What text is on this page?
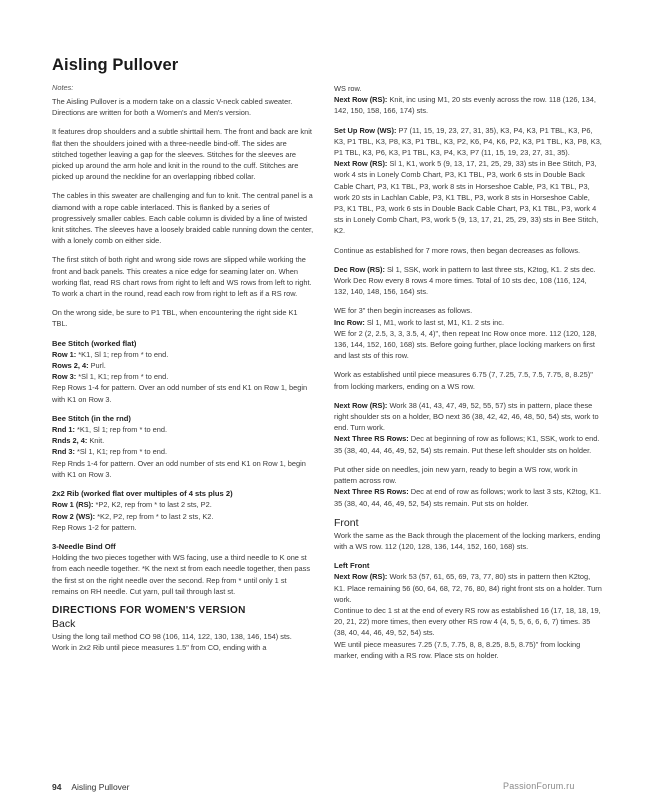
Aisling Pullover

Notes:

The Aisling Pullover is a modern take on a classic V-neck cabled sweater. Directions are written for both a Women's and Men's version.

It features drop shoulders and a subtle shirttail hem. The front and back are knit flat then the shoulders joined with a three-needle bind-off. The sides are stitched together leaving a gap for the sleeves. Stitches for the sleeves are picked up around the arm hole and knit in the round to the cuff. Stitches are picked up around the neckline for an overlapping ribbed collar.

The cables in this sweater are challenging and fun to knit. The central panel is a diamond with a rope cable interlaced. This is flanked by a series of progressively smaller cables. Each cable column is divided by a line of twisted knit stitches. The sleeves have a loosely braided cable running down the center, with a lonely comb on either side.

The first stitch of both right and wrong side rows are slipped while working the front and back panels. This creates a nice edge for seaming later on. When working flat, read RS chart rows from right to left and WS rows from left to right. To work a chart in the round, read each row from right to left as if a RS row.

On the wrong side, be sure to P1 TBL, when encountering the right side K1 TBL.

Bee Stitch (worked flat)

Row 1: *K1, Sl 1; rep from * to end.

Rows 2, 4: Purl.

Row 3: *Sl 1, K1; rep from * to end.

Rep Rows 1-4 for pattern. Over an odd number of sts end K1 on Row 1, begin with K1 on Row 3.

Bee Stitch (in the rnd)

Rnd 1: *K1, Sl 1; rep from * to end.

Rnds 2, 4: Knit.

Rnd 3: *Sl 1, K1; rep from * to end.

Rep Rnds 1-4 for pattern. Over an odd number of sts end K1 on Row 1, begin with K1 on Row 3.

2x2 Rib (worked flat over multiples of 4 sts plus 2)

Row 1 (RS): *P2, K2, rep from * to last 2 sts, P2.

Row 2 (WS): *K2, P2, rep from * to last 2 sts, K2.

Rep Rows 1-2 for pattern.

3-Needle Bind Off

Holding the two pieces together with WS facing, use a third needle to K one st from each needle together. *K the next st from each needle together, then pass the first st on the right needle over the second. Rep from * until only 1 st remains on RH needle. Cut yarn, pull tail through last st.

DIRECTIONS FOR WOMEN'S VERSION

Back

Using the long tail method CO 98 (106, 114, 122, 130, 138, 146, 154) sts.

Work in 2x2 Rib until piece measures 1.5" from CO, ending with a

WS row.

Next Row (RS): Knit, inc using M1, 20 sts evenly across the row. 118 (126, 134, 142, 150, 158, 166, 174) sts.

Set Up Row (WS): P7 (11, 15, 19, 23, 27, 31, 35), K3, P4, K3, P1 TBL, K3, P6, K3, P1 TBL, K3, P8, K3, P1 TBL, K3, P2, K6, P4, K6, P2, K3, P1 TBL, K3, P8, K3, P1 TBL, K3, P6, K3, P1 TBL, K3, P4, K3, P7 (11, 15, 19, 23, 27, 31, 35).

Next Row (RS): Sl 1, K1, work 5 (9, 13, 17, 21, 25, 29, 33) sts in Bee Stitch, P3, work 4 sts in Lonely Comb Chart, P3, K1 TBL, P3, work 6 sts in Double Back Cable Chart, P3, K1 TBL, P3, work 8 sts in Horseshoe Cable, P3, K1 TBL, P3, work 20 sts in Lachlan Cable, P3, K1 TBL, P3, work 8 sts in Horseshoe Cable, P3, K1 TBL, P3, work 6 sts in Double Back Cable Chart, P3, K1 TBL, P3, work 4 sts in Lonely Comb Chart, P3, work 5 (9, 13, 17, 21, 25, 29, 33) sts in Bee Stitch, K2.

Continue as established for 7 more rows, then began decreases as follows.

Dec Row (RS): Sl 1, SSK, work in pattern to last three sts, K2tog, K1. 2 sts dec.

Work Dec Row every 8 rows 4 more times. Total of 10 sts dec, 108 (116, 124, 132, 140, 148, 156, 164) sts.

WE for 3" then begin increases as follows.

Inc Row: Sl 1, M1, work to last st, M1, K1. 2 sts inc.

WE for 2 (2, 2.5, 3, 3, 3.5, 4, 4)", then repeat Inc Row once more. 112 (120, 128, 136, 144, 152, 160, 168) sts. Before going further, place locking markers on first and last sts of this row.

Work as established until piece measures 6.75 (7, 7.25, 7.5, 7.5, 7.75, 8, 8.25)" from locking markers, ending on a WS row.

Next Row (RS): Work 38 (41, 43, 47, 49, 52, 55, 57) sts in pattern, place these right shoulder sts on a holder, BO next 36 (38, 42, 42, 46, 48, 50, 54) sts, work to end. Turn work.

Next Three RS Rows: Dec at beginning of row as follows; K1, SSK, work to end. 35 (38, 40, 44, 46, 49, 52, 54) sts remain. Put these left shoulder sts on holder.

Put other side on needles, join new yarn, ready to begin a WS row, work in pattern across row.

Next Three RS Rows: Dec at end of row as follows; work to last 3 sts, K2tog, K1. 35 (38, 40, 44, 46, 49, 52, 54) sts remain. Put sts on holder.

Front

Work the same as the Back through the placement of the locking markers, ending with a WS row. 112 (120, 128, 136, 144, 152, 160, 168) sts.

Left Front

Next Row (RS): Work 53 (57, 61, 65, 69, 73, 77, 80) sts in pattern then K2tog, K1. Place remaining 56 (60, 64, 68, 72, 76, 80, 84) right front sts on a holder. Turn work.

Continue to dec 1 st at the end of every RS row as established 16 (17, 18, 18, 19, 20, 21, 22) more times, then every other RS row 4 (4, 5, 5, 6, 6, 6, 7) times. 35 (38, 40, 44, 46, 49, 52, 54) sts.

WE until piece measures 7.25 (7.5, 7.75, 8, 8, 8.25, 8.5, 8.75)" from locking marker, ending with a RS row. Place sts on holder.

94 Aisling Pullover	PassionForum.ru
